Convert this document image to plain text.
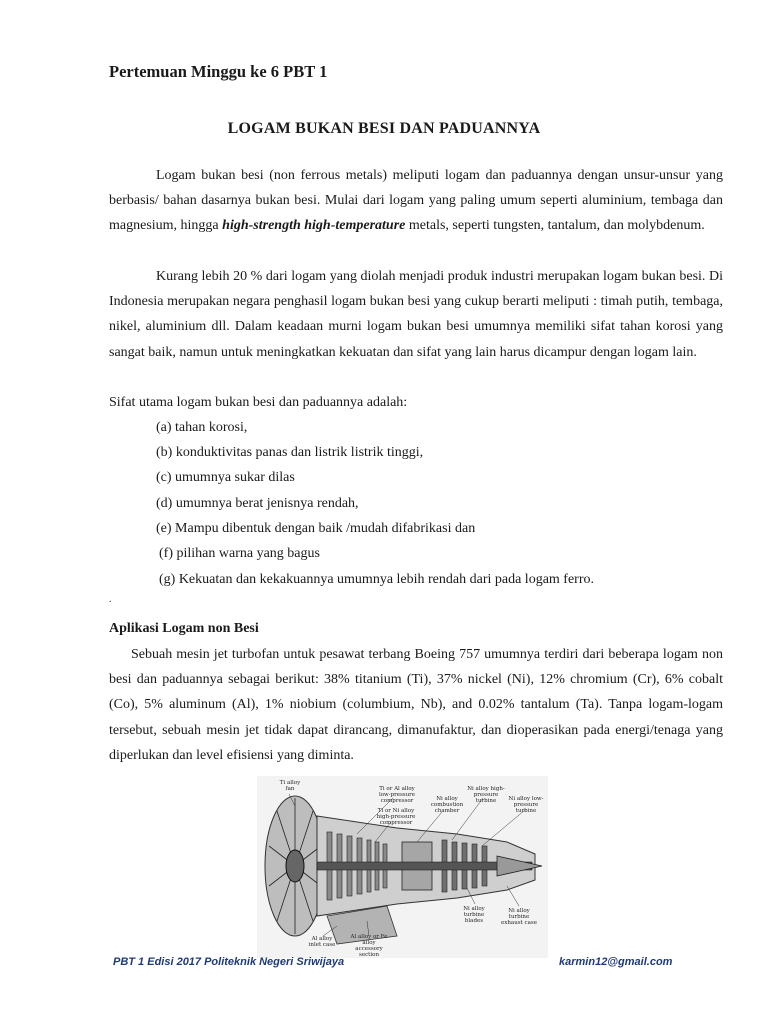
Pertemuan Minggu ke 6 PBT 1
LOGAM BUKAN BESI DAN PADUANNYA

Logam bukan besi (non ferrous metals) meliputi logam dan paduannya dengan unsur-unsur yang berbasis/ bahan dasarnya bukan besi. Mulai dari logam yang paling umum seperti aluminium, tembaga dan magnesium, hingga high-strength high-temperature metals, seperti tungsten, tantalum, dan molybdenum.

Kurang lebih 20 % dari logam yang diolah menjadi produk industri merupakan logam bukan besi. Di Indonesia merupakan negara penghasil logam bukan besi yang cukup berarti meliputi : timah putih, tembaga, nikel, aluminium dll. Dalam keadaan murni logam bukan besi umumnya memiliki sifat tahan korosi yang sangat baik, namun untuk meningkatkan kekuatan dan sifat yang lain harus dicampur dengan logam lain.

Sifat utama logam bukan besi dan paduannya adalah:

(a) tahan korosi,

(b) konduktivitas panas dan listrik listrik tinggi,

(c) umumnya sukar dilas

(d) umumnya berat jenisnya rendah,

(e) Mampu dibentuk dengan baik /mudah difabrikasi dan

(f) pilihan warna yang bagus

(g) Kekuatan dan kekakuannya umumnya lebih rendah dari pada logam ferro.

.

Aplikasi Logam non Besi

Sebuah mesin jet turbofan untuk pesawat terbang Boeing 757 umumnya terdiri dari beberapa logam non besi dan paduannya sebagai berikut: 38% titanium (Ti), 37% nickel (Ni), 12% chromium (Cr), 6% cobalt (Co), 5% aluminum (Al), 1% niobium (columbium, Nb), and 0.02% tantalum (Ta). Tanpa logam-logam tersebut, sebuah mesin jet tidak dapat dirancang, dimanufaktur, dan dioperasikan pada energi/tenaga yang diperlukan dan level efisiensi yang diminta.

Ti alloy fan	Ti or Al alloy low-pressure compressor
Ti or Ni alloy high-pressure compressor
Ni alloy combustion chamber
Ni alloy high-pressure turbine	Ni alloy low-pressure turbine
Ni alloy turbine blades
Ni alloy turbine exhaust case
Al alloy inlet case
Al alloy or Fe alloy accessory section

PBT 1 Edisi 2017 Politeknik Negeri Sriwijaya	karmin12@gmail.com
